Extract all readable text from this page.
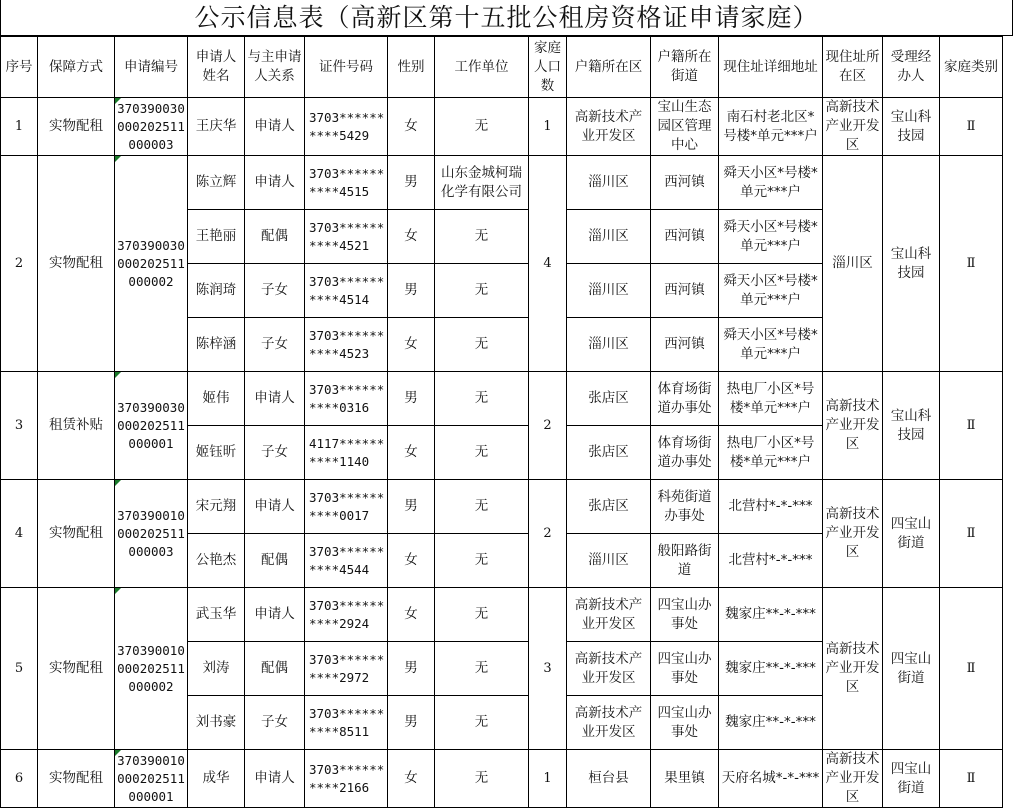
公示信息表（高新区第十五批公租房资格证申请家庭）
序号	保障方式	申请编号	申请人姓名	与主申请人关系	证件号码	性别	工作单位	家庭人口数	户籍所在区	户籍所在街道	现住址详细地址	现住址所在区	受理经办人	家庭类别
1	实物配租	370390030000202511000003	王庆华	申请人	3703**********5429	女	无	1	高新技术产业开发区	宝山生态园区管理中心	南石村老北区*号楼*单元***户	高新技术产业开发区	宝山科技园	Ⅱ
2	实物配租	370390030000202511000002	陈立辉	申请人	3703**********4515	男	山东金城柯瑞化学有限公司	4	淄川区	西河镇	舜天小区*号楼*单元***户	淄川区	宝山科技园	Ⅱ
			王艳丽	配偶	3703**********4521	女	无		淄川区	西河镇	舜天小区*号楼*单元***户			
			陈润琦	子女	3703**********4514	男	无		淄川区	西河镇	舜天小区*号楼*单元***户			
			陈梓涵	子女	3703**********4523	女	无		淄川区	西河镇	舜天小区*号楼*单元***户			
3	租赁补贴	370390030000202511000001	姬伟	申请人	3703**********0316	男	无	2	张店区	体育场街道办事处	热电厂小区*号楼*单元***户	高新技术产业开发区	宝山科技园	Ⅱ
			姬钰昕	子女	4117**********1140	女	无		张店区	体育场街道办事处	热电厂小区*号楼*单元***户			
4	实物配租	370390010000202511000003	宋元翔	申请人	3703**********0017	男	无	2	张店区	科苑街道办事处	北营村*-*-***	高新技术产业开发区	四宝山街道	Ⅱ
			公艳杰	配偶	3703**********4544	女	无		淄川区	般阳路街道	北营村*-*-***			
5	实物配租	370390010000202511000002	武玉华	申请人	3703**********2924	女	无	3	高新技术产业开发区	四宝山办事处	魏家庄**-*-***	高新技术产业开发区	四宝山街道	Ⅱ
			刘涛	配偶	3703**********2972	男	无		高新技术产业开发区	四宝山办事处	魏家庄**-*-***			
			刘书豪	子女	3703**********8511	男	无		高新技术产业开发区	四宝山办事处	魏家庄**-*-***			
6	实物配租	370390010000202511000001	成华	申请人	3703**********2166	女	无	1	桓台县	果里镇	天府名城*-*-***	高新技术产业开发区	四宝山街道	Ⅱ
